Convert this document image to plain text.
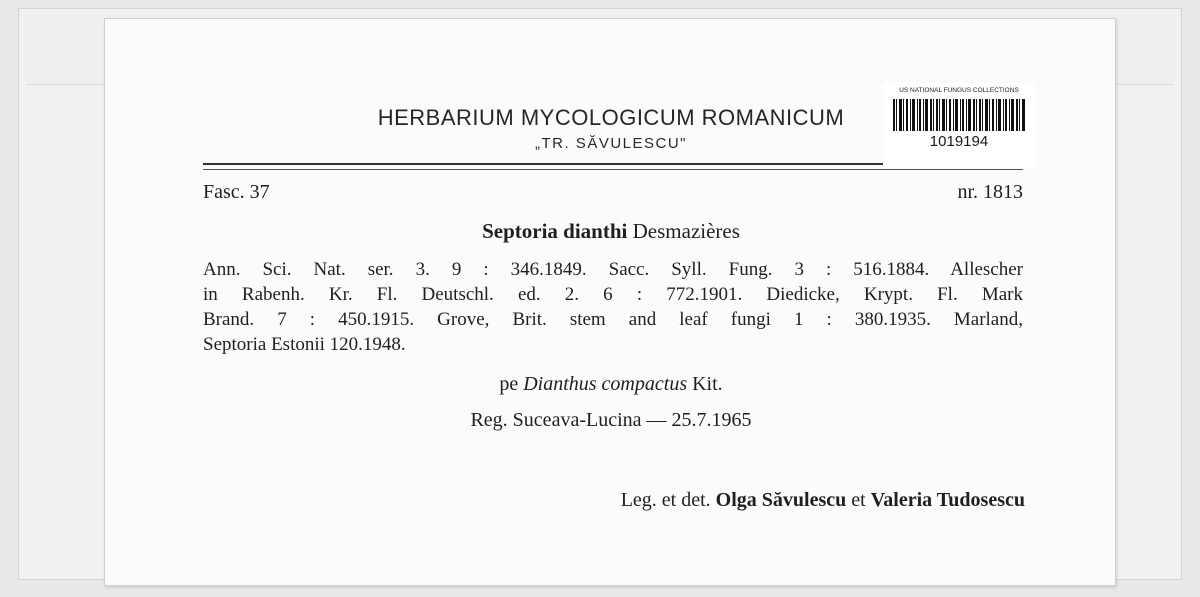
HERBARIUM MYCOLOGICUM ROMANICUM
„TR. SĂVULESCU"
US NATIONAL FUNGUS COLLECTIONS
1019194
Fasc. 37	nr. 1813
Septoria dianthi Desmazières
Ann. Sci. Nat. ser. 3. 9 : 346.1849. Sacc. Syll. Fung. 3 : 516.1884. Allescher
in Rabenh. Kr. Fl. Deutschl. ed. 2. 6 : 772.1901. Diedicke, Krypt. Fl. Mark
Brand. 7 : 450.1915. Grove, Brit. stem and leaf fungi 1 : 380.1935. Marland,
Septoria Estonii 120.1948.
pe Dianthus compactus Kit.
Reg. Suceava-Lucina — 25.7.1965
Leg. et det. Olga Săvulescu et Valeria Tudosescu
